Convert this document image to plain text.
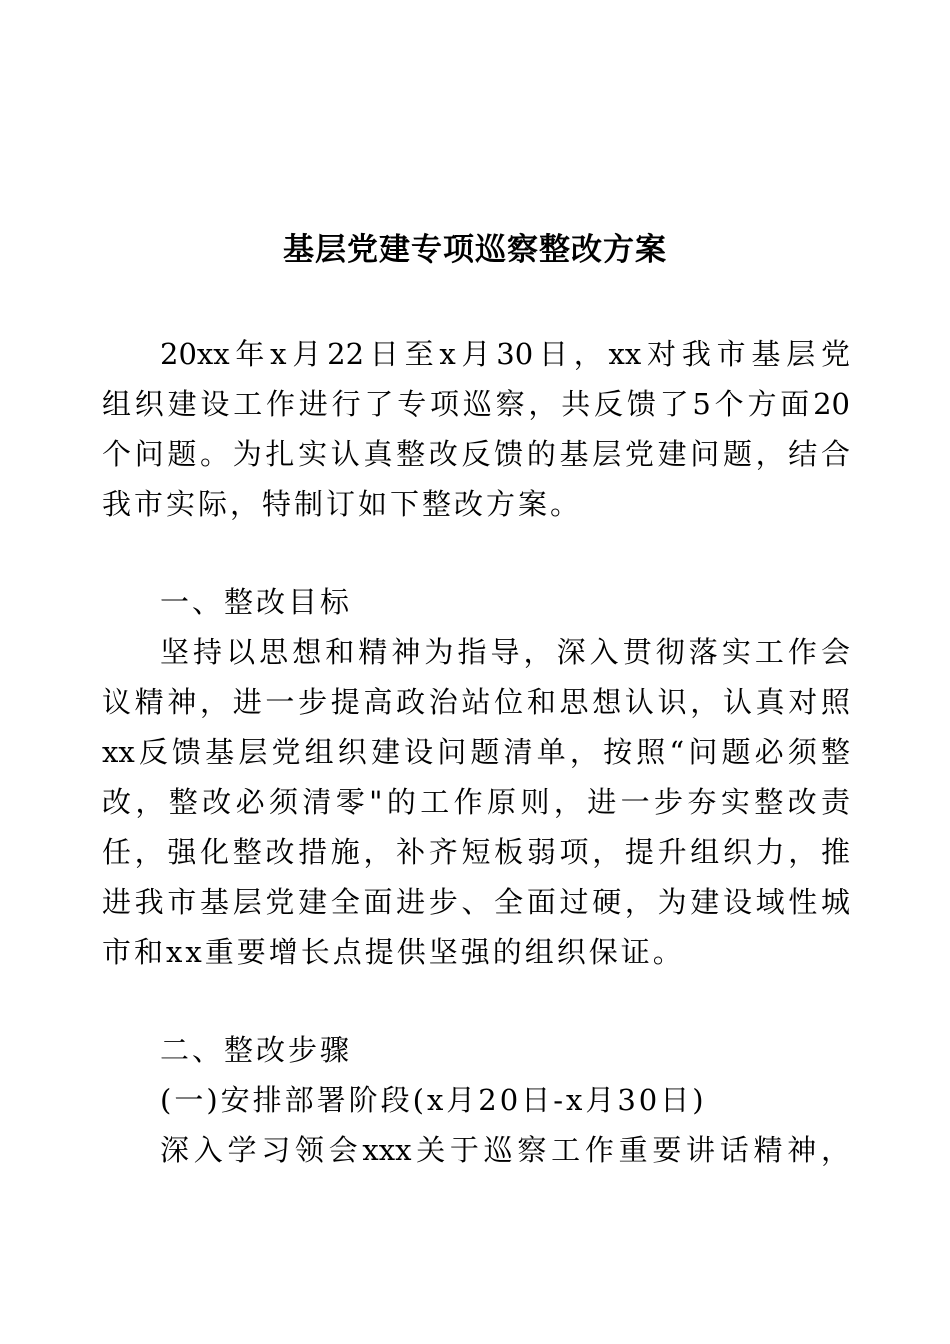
基层党建专项巡察整改方案
20xx年x月22日至x月30日，xx对我市基层党
组织建设工作进行了专项巡察，共反馈了5个方面20
个问题。为扎实认真整改反馈的基层党建问题，结合
我市实际，特制订如下整改方案。
一、整改目标
坚持以思想和精神为指导，深入贯彻落实工作会
议精神，进一步提高政治站位和思想认识，认真对照
xx反馈基层党组织建设问题清单，按照“问题必须整
改，整改必须清零"的工作原则，进一步夯实整改责
任，强化整改措施，补齐短板弱项，提升组织力，推
进我市基层党建全面进步、全面过硬，为建设域性城
市和xx重要增长点提供坚强的组织保证。
二、整改步骤
(一)安排部署阶段(x月20日-x月30日)
深入学习领会xxx关于巡察工作重要讲话精神，
